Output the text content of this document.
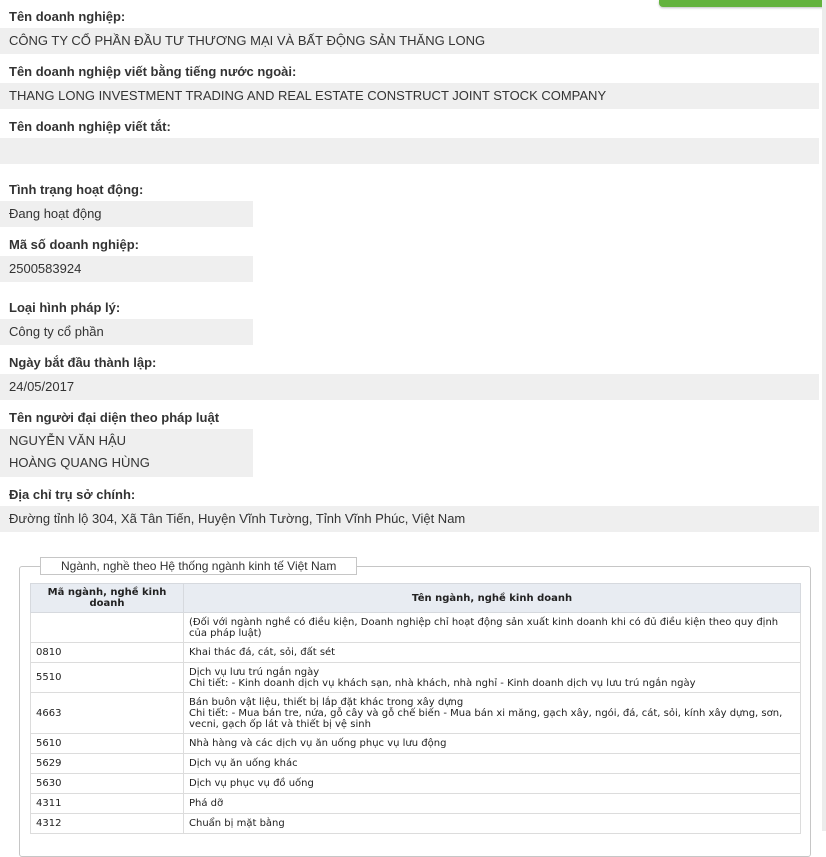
Tên doanh nghiệp:
CÔNG TY CỔ PHẦN ĐẦU TƯ THƯƠNG MẠI VÀ BẤT ĐỘNG SẢN THĂNG LONG
Tên doanh nghiệp viết bằng tiếng nước ngoài:
THANG LONG INVESTMENT TRADING AND REAL ESTATE CONSTRUCT JOINT STOCK COMPANY
Tên doanh nghiệp viết tắt:
Tình trạng hoạt động:
Đang hoạt động
Mã số doanh nghiệp:
2500583924
Loại hình pháp lý:
Công ty cổ phần
Ngày bắt đầu thành lập:
24/05/2017
Tên người đại diện theo pháp luật
NGUYỄN VĂN HẬU
HOÀNG QUANG HÙNG
Địa chỉ trụ sở chính:
Đường tỉnh lộ 304, Xã Tân Tiến, Huyện Vĩnh Tường, Tỉnh Vĩnh Phúc, Việt Nam
Ngành, nghề theo Hệ thống ngành kinh tế Việt Nam
Mã ngành, nghề kinh doanh	Tên ngành, nghề kinh doanh
	(Đối với ngành nghề có điều kiện, Doanh nghiệp chỉ hoạt động sản xuất kinh doanh khi có đủ điều kiện theo quy định của pháp luật)
0810	Khai thác đá, cát, sỏi, đất sét
5510	Dịch vụ lưu trú ngắn ngày
Chi tiết: - Kinh doanh dịch vụ khách sạn, nhà khách, nhà nghỉ - Kinh doanh dịch vụ lưu trú ngắn ngày

4663	Bán buôn vật liệu, thiết bị lắp đặt khác trong xây dựng
Chi tiết: - Mua bán tre, nứa, gỗ cây và gỗ chế biến - Mua bán xi măng, gạch xây, ngói, đá, cát, sỏi, kính xây dựng, sơn, vecni, gạch ốp lát và thiết bị vệ sinh

5610	Nhà hàng và các dịch vụ ăn uống phục vụ lưu động
5629	Dịch vụ ăn uống khác
5630	Dịch vụ phục vụ đồ uống
4311	Phá dỡ
4312	Chuẩn bị mặt bằng
